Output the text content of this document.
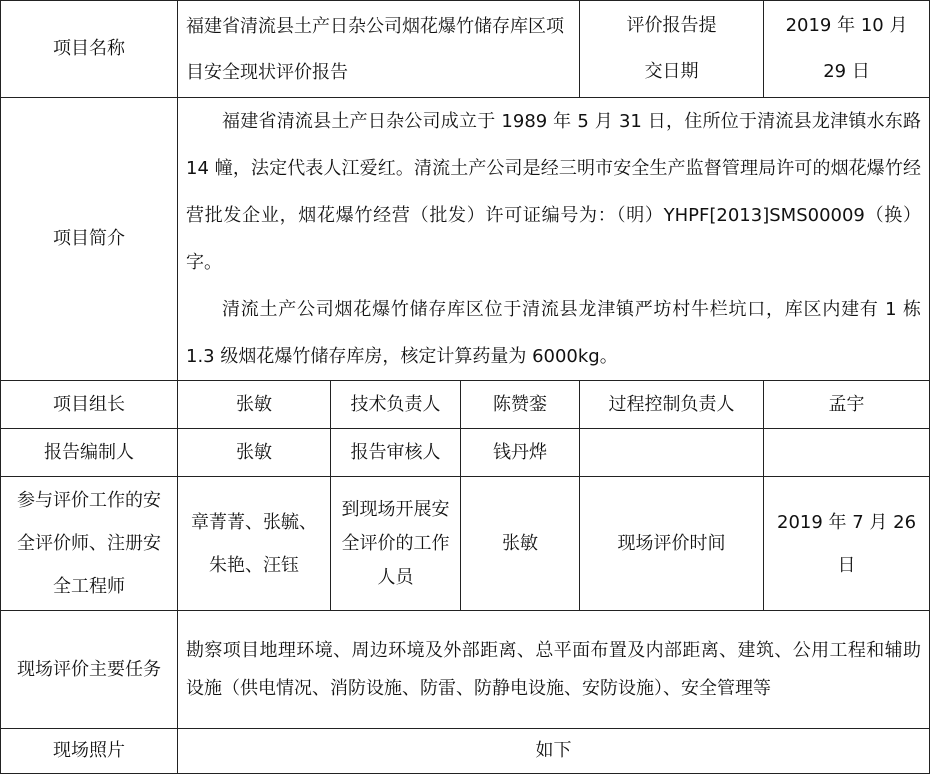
项目名称	福建省清流县土产日杂公司烟花爆竹储存库区项目安全现状评价报告			评价报告提交日期	2019 年 10 月 29 日

项目简介	福建省清流县土产日杂公司成立于 1989 年 5 月 31 日，住所位于清流县龙津镇水东路 14 幢，法定代表人江爱红。清流土产公司是经三明市安全生产监督管理局许可的烟花爆竹经营批发企业，烟花爆竹经营（批发）许可证编号为：（明）YHPF[2013]SMS00009（换）字。

清流土产公司烟花爆竹储存库区位于清流县龙津镇严坊村牛栏坑口，库区内建有 1 栋 1.3 级烟花爆竹储存库房，核定计算药量为 6000kg。				

项目组长	张敏	技术负责人	陈赞銮	过程控制负责人	孟宇
报告编制人	张敏	报告审核人	钱丹烨		

参与评价工作的安全评价师、注册安全工程师	章菁菁、张毓、朱艳、汪钰	到现场开展安全评价的工作人员	张敏	现场评价时间	2019 年 7 月 26 日

现场评价主要任务	勘察项目地理环境、周边环境及外部距离、总平面布置及内部距离、建筑、公用工程和辅助设施（供电情况、消防设施、防雷、防静电设施、安防设施）、安全管理等				

现场照片	如下				
